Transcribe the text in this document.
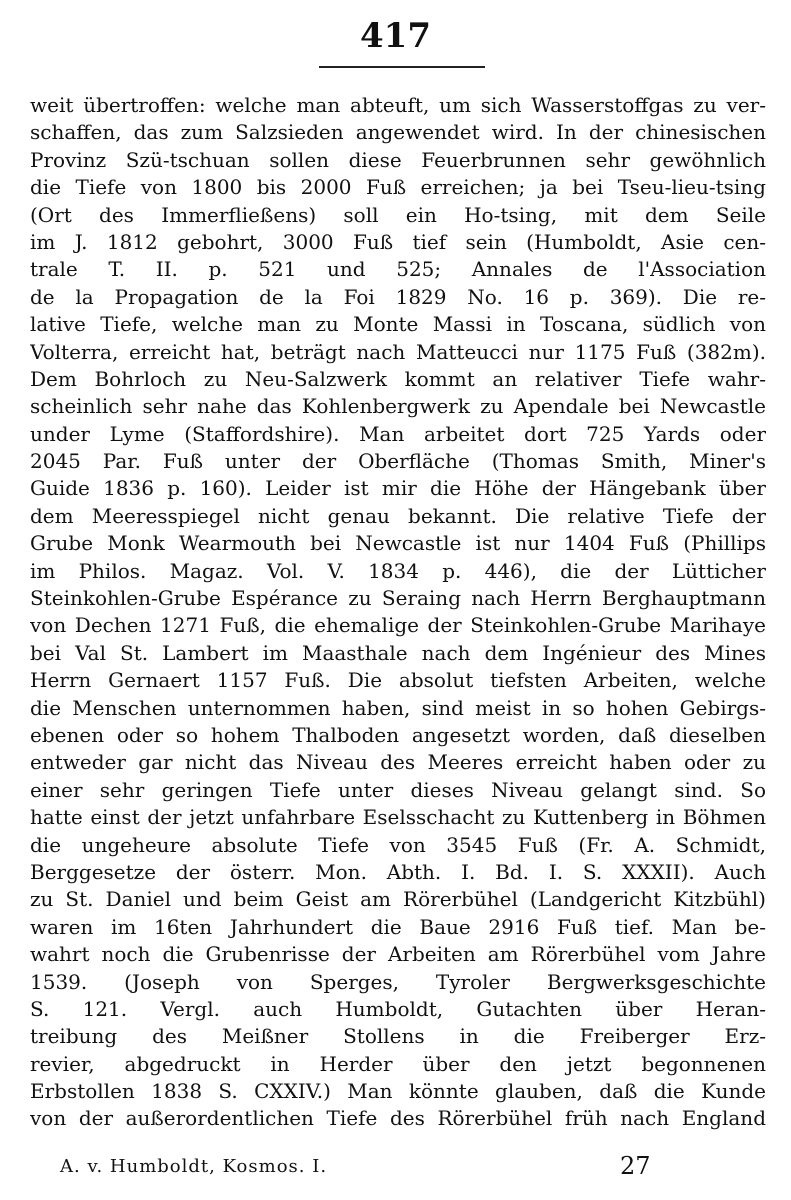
417
weit übertroffen: welche man abteuft, um sich Wasserstoffgas zu ver-
schaffen, das zum Salzsieden angewendet wird. In der chinesischen
Provinz Szü-tschuan sollen diese Feuerbrunnen sehr gewöhnlich
die Tiefe von 1800 bis 2000 Fuß erreichen; ja bei Tseu-lieu-tsing
(Ort des Immerfließens) soll ein Ho-tsing, mit dem Seile
im J. 1812 gebohrt, 3000 Fuß tief sein (Humboldt, Asie cen-
trale T. II. p. 521 und 525; Annales de l'Association
de la Propagation de la Foi 1829 No. 16 p. 369). Die re-
lative Tiefe, welche man zu Monte Massi in Toscana, südlich von
Volterra, erreicht hat, beträgt nach Matteucci nur 1175 Fuß (382m).
Dem Bohrloch zu Neu-Salzwerk kommt an relativer Tiefe wahr-
scheinlich sehr nahe das Kohlenbergwerk zu Apendale bei Newcastle
under Lyme (Staffordshire). Man arbeitet dort 725 Yards oder
2045 Par. Fuß unter der Oberfläche (Thomas Smith, Miner's
Guide 1836 p. 160). Leider ist mir die Höhe der Hängebank über
dem Meeresspiegel nicht genau bekannt. Die relative Tiefe der
Grube Monk Wearmouth bei Newcastle ist nur 1404 Fuß (Phillips
im Philos. Magaz. Vol. V. 1834 p. 446), die der Lütticher
Steinkohlen-Grube Espérance zu Seraing nach Herrn Berghauptmann
von Dechen 1271 Fuß, die ehemalige der Steinkohlen-Grube Marihaye
bei Val St. Lambert im Maasthale nach dem Ingénieur des Mines
Herrn Gernaert 1157 Fuß. Die absolut tiefsten Arbeiten, welche
die Menschen unternommen haben, sind meist in so hohen Gebirgs-
ebenen oder so hohem Thalboden angesetzt worden, daß dieselben
entweder gar nicht das Niveau des Meeres erreicht haben oder zu
einer sehr geringen Tiefe unter dieses Niveau gelangt sind. So
hatte einst der jetzt unfahrbare Eselsschacht zu Kuttenberg in Böhmen
die ungeheure absolute Tiefe von 3545 Fuß (Fr. A. Schmidt,
Berggesetze der österr. Mon. Abth. I. Bd. I. S. XXXII). Auch
zu St. Daniel und beim Geist am Rörerbühel (Landgericht Kitzbühl)
waren im 16ten Jahrhundert die Baue 2916 Fuß tief. Man be-
wahrt noch die Grubenrisse der Arbeiten am Rörerbühel vom Jahre
1539. (Joseph von Sperges, Tyroler Bergwerksgeschichte
S. 121. Vergl. auch Humboldt, Gutachten über Heran-
treibung des Meißner Stollens in die Freiberger Erz-
revier, abgedruckt in Herder über den jetzt begonnenen
Erbstollen 1838 S. CXXIV.) Man könnte glauben, daß die Kunde
von der außerordentlichen Tiefe des Rörerbühel früh nach England
A. v. Humboldt, Kosmos. I.	27
